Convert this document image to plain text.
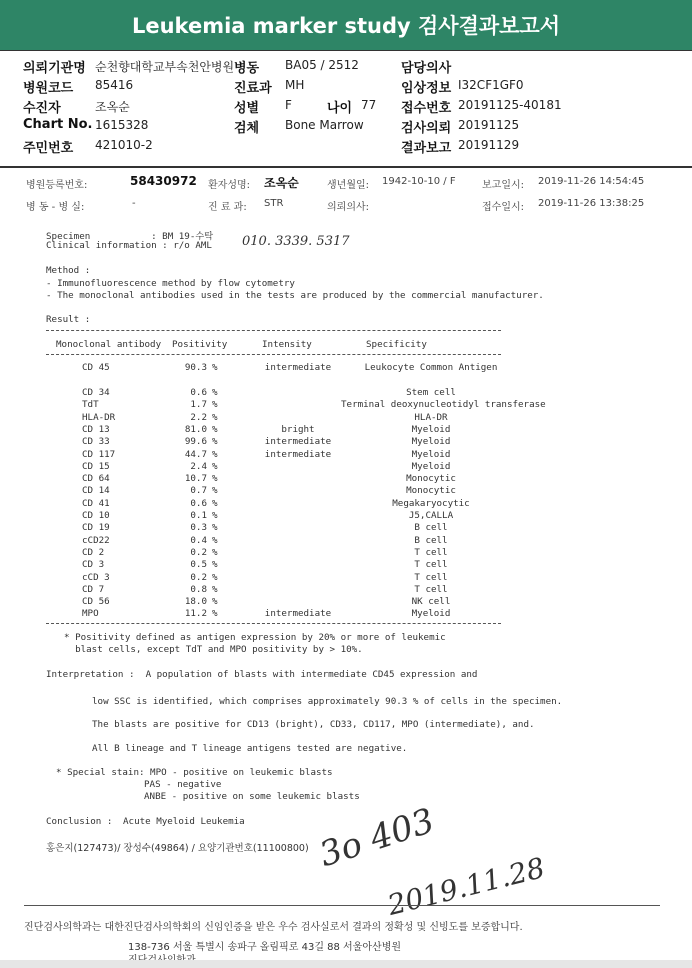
Leukemia marker study 검사결과보고서
의뢰기관명 순천향대학교부속천안병원 병동 BA05 / 2512	담당의사
병원코드 85416	진료과 MH	임상정보 I32CF1GF0
수진자	조옥순	성별 F	나이 77 접수번호 20191125-40181
Chart No. 1615328	검체 Bone Marrow	검사의뢰 20191125
주민번호 421010-2	결과보고 20191129
병원등록번호:	58430972 환자성명: 조옥순	생년월일: 1942-10-10 / F	보고일시: 2019-11-26 14:54:45
병 동 - 병 실:	-	진 료 과: STR	의뢰의사:	접수일시: 2019-11-26 13:38:25
Specimen           : BM 19-수탁
Clinical information : r/o AML 010. 3339. 5317
Method :
- Immunofluorescence method by flow cytometry
- The monoclonal antibodies used in the tests are produced by the commercial manufacturer.
Result :
Monoclonal antibody Positivity	Intensity	Specificity
CD 45	90.3 %	intermediate	Leukocyte Common Antigen
CD 34	0.6 %	Stem cell
TdT	1.7 %	Terminal deoxynucleotidyl transferase
HLA-DR	2.2 %	HLA-DR
CD 13	81.0 %	bright	Myeloid
CD 33	99.6 %	intermediate	Myeloid
CD 117	44.7 %	intermediate	Myeloid
CD 15	2.4 %	Myeloid
CD 64	10.7 %	Monocytic
CD 14	0.7 %	Monocytic
CD 41	0.6 %	Megakaryocytic
CD 10	0.1 %	J5,CALLA
CD 19	0.3 %	B cell
cCD22	0.4 %	B cell
CD 2	0.2 %	T cell
CD 3	0.5 %	T cell
cCD 3	0.2 %	T cell
CD 7	0.8 %	T cell
CD 56	18.0 %	NK cell
MPO	11.2 %	intermediate	Myeloid
* Positivity defined as antigen expression by 20% or more of leukemic
blast cells, except TdT and MPO positivity by > 10%.
Interpretation :  A population of blasts with intermediate CD45 expression and
low SSC is identified, which comprises approximately 90.3 % of cells in the specimen.
The blasts are positive for CD13 (bright), CD33, CD117, MPO (intermediate), and.
All B lineage and T lineage antigens tested are negative.
* Special stain: MPO - positive on leukemic blasts
PAS - negative
ANBE - positive on some leukemic blasts
Conclusion : Acute Myeloid Leukemia
홍은지(127473)/ 장성수(49864) / 요양기관번호(11100800) 3o 403
2019.11.28
진단검사의학과는 대한진단검사의학회의 신임인증을 받은 우수 검사실로서 결과의 정확성 및 신빙도를 보증합니다.
138-736 서울 특별시 송파구 올림픽로 43길 88 서울아산병원
